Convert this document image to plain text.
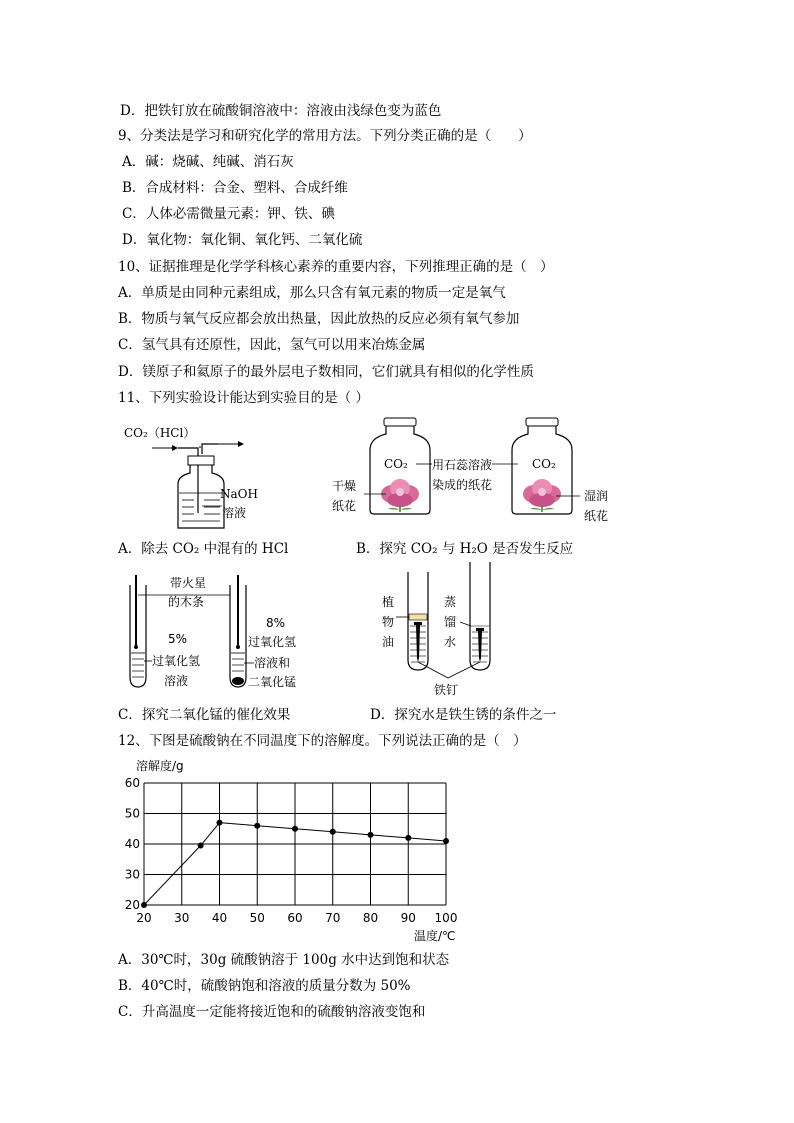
D．把铁钉放在硫酸铜溶液中：溶液由浅绿色变为蓝色
9、分类法是学习和研究化学的常用方法。下列分类正确的是（　　）
A．碱：烧碱、纯碱、消石灰
B．合成材料：合金、塑料、合成纤维
C．人体必需微量元素：钾、铁、碘
D．氧化物：氧化铜、氧化钙、二氧化硫
10、证据推理是化学学科核心素养的重要内容，下列推理正确的是（　）
A．单质是由同种元素组成，那么只含有氧元素的物质一定是氧气
B．物质与氧气反应都会放出热量，因此放热的反应必须有氧气参加
C．氢气具有还原性，因此，氢气可以用来冶炼金属
D．镁原子和氦原子的最外层电子数相同，它们就具有相似的化学性质
11、下列实验设计能达到实验目的是（ ）
CO₂（HCl）
NaOH
溶液
CO₂
干燥
纸花
用石蕊溶液
染成的纸花
CO₂
湿润
纸花
A．除去 CO₂ 中混有的 HCl	B．探究 CO₂ 与 H₂O 是否发生反应
带火星
的木条
5%
过氧化氢
溶液
8%
过氧化氢
溶液和
二氧化锰
植
物
油
蒸
馏
水
铁钉
C．探究二氧化锰的催化效果	D．探究水是铁生锈的条件之一
12、下图是硫酸钠在不同温度下的溶解度。下列说法正确的是（　）
溶解度/g
温度/℃
20 30 40 50 60 70 80 90 100
20
30
40
50
60
A．30℃时，30g 硫酸钠溶于 100g 水中达到饱和状态
B．40℃时，硫酸钠饱和溶液的质量分数为 50%
C．升高温度一定能将接近饱和的硫酸钠溶液变饱和
